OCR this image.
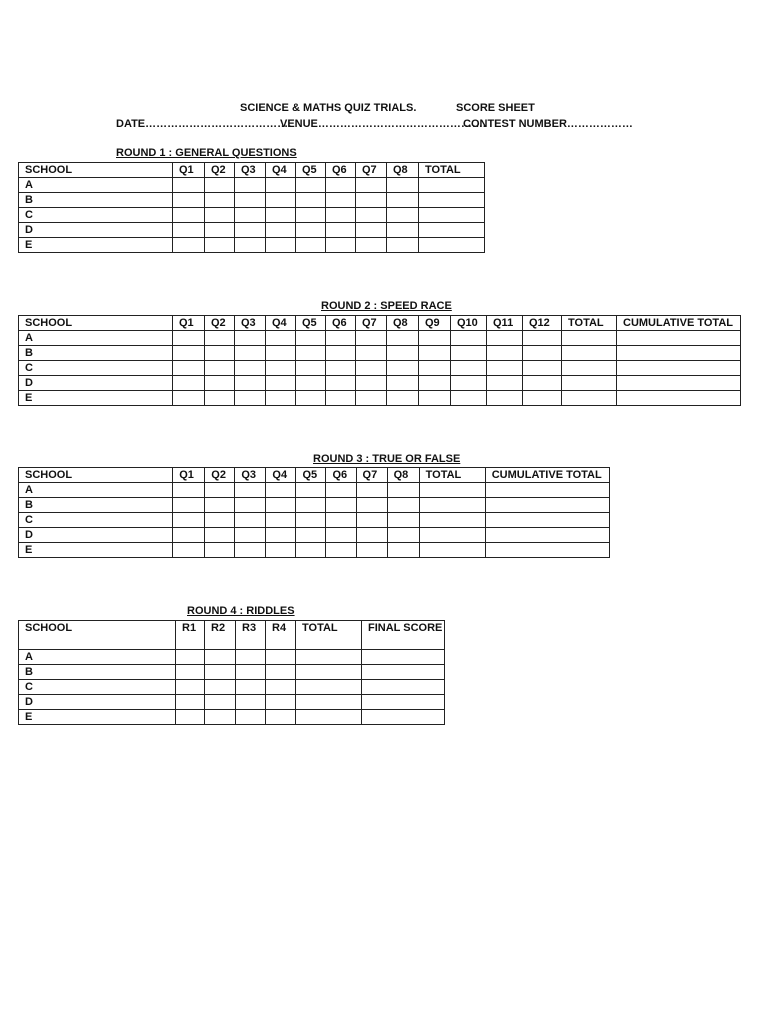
SCIENCE & MATHS QUIZ TRIALS.	SCORE SHEET
DATE………………………………….
VENUE……………………………………….
CONTEST NUMBER………………
ROUND 1 : GENERAL QUESTIONS
SCHOOL	Q1	Q2	Q3	Q4	Q5	Q6	Q7	Q8	TOTAL
A									
B									
C									
D									
E									
ROUND 2 : SPEED RACE
SCHOOL	Q1	Q2	Q3	Q4	Q5	Q6	Q7	Q8	Q9	Q10	Q11	Q12	TOTAL	CUMULATIVE TOTAL
A														
B														
C														
D														
E														
ROUND 3 : TRUE OR FALSE
SCHOOL	Q1	Q2	Q3	Q4	Q5	Q6	Q7	Q8	TOTAL	CUMULATIVE TOTAL
A										
B										
C										
D										
E										
ROUND 4 : RIDDLES
SCHOOL	R1	R2	R3	R4	TOTAL	FINAL SCORE
A						
B						
C						
D						
E						
